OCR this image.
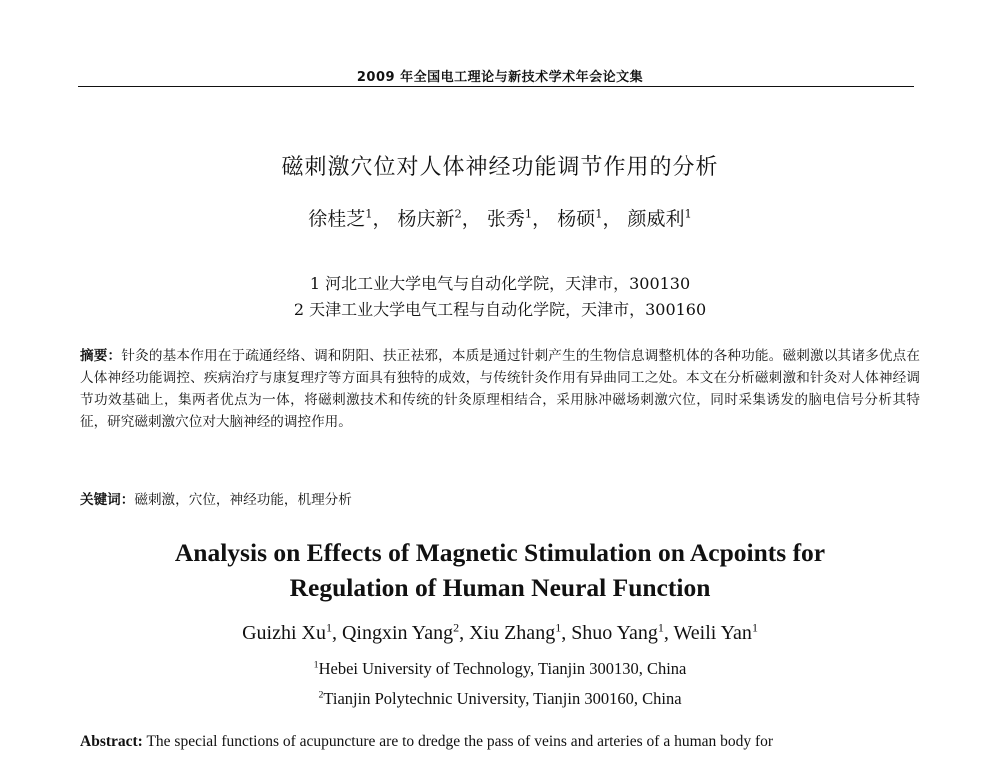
2009 年全国电工理论与新技术学术年会论文集
磁刺激穴位对人体神经功能调节作用的分析
徐桂芝$^1$， 杨庆新$^2$， 张秀$^1$， 杨硕$^1$， 颜威利$^1$
1 河北工业大学电气与自动化学院，天津市，300130
2 天津工业大学电气工程与自动化学院，天津市，300160
摘要：针灸的基本作用在于疏通经络、调和阴阳、扶正祛邪，本质是通过针刺产生的生物信息调整机体的各种功能。磁刺激以其诸多优点在人体神经功能调控、疾病治疗与康复理疗等方面具有独特的成效，与传统针灸作用有异曲同工之处。本文在分析磁刺激和针灸对人体神经调节功效基础上，集两者优点为一体，将磁刺激技术和传统的针灸原理相结合，采用脉冲磁场刺激穴位，同时采集诱发的脑电信号分析其特征，研究磁刺激穴位对大脑神经的调控作用。
关键词：磁刺激，穴位，神经功能，机理分析
Analysis on Effects of Magnetic Stimulation on Acpoints for
Regulation of Human Neural Function
Guizhi Xu$^1$, Qingxin Yang$^2$, Xiu Zhang$^1$, Shuo Yang$^1$, Weili Yan$^1$
$^1$Hebei University of Technology, Tianjin 300130, China
$^2$Tianjin Polytechnic University, Tianjin 300160, China
Abstract: The special functions of acupuncture are to dredge the pass of veins and arteries of a human body for
